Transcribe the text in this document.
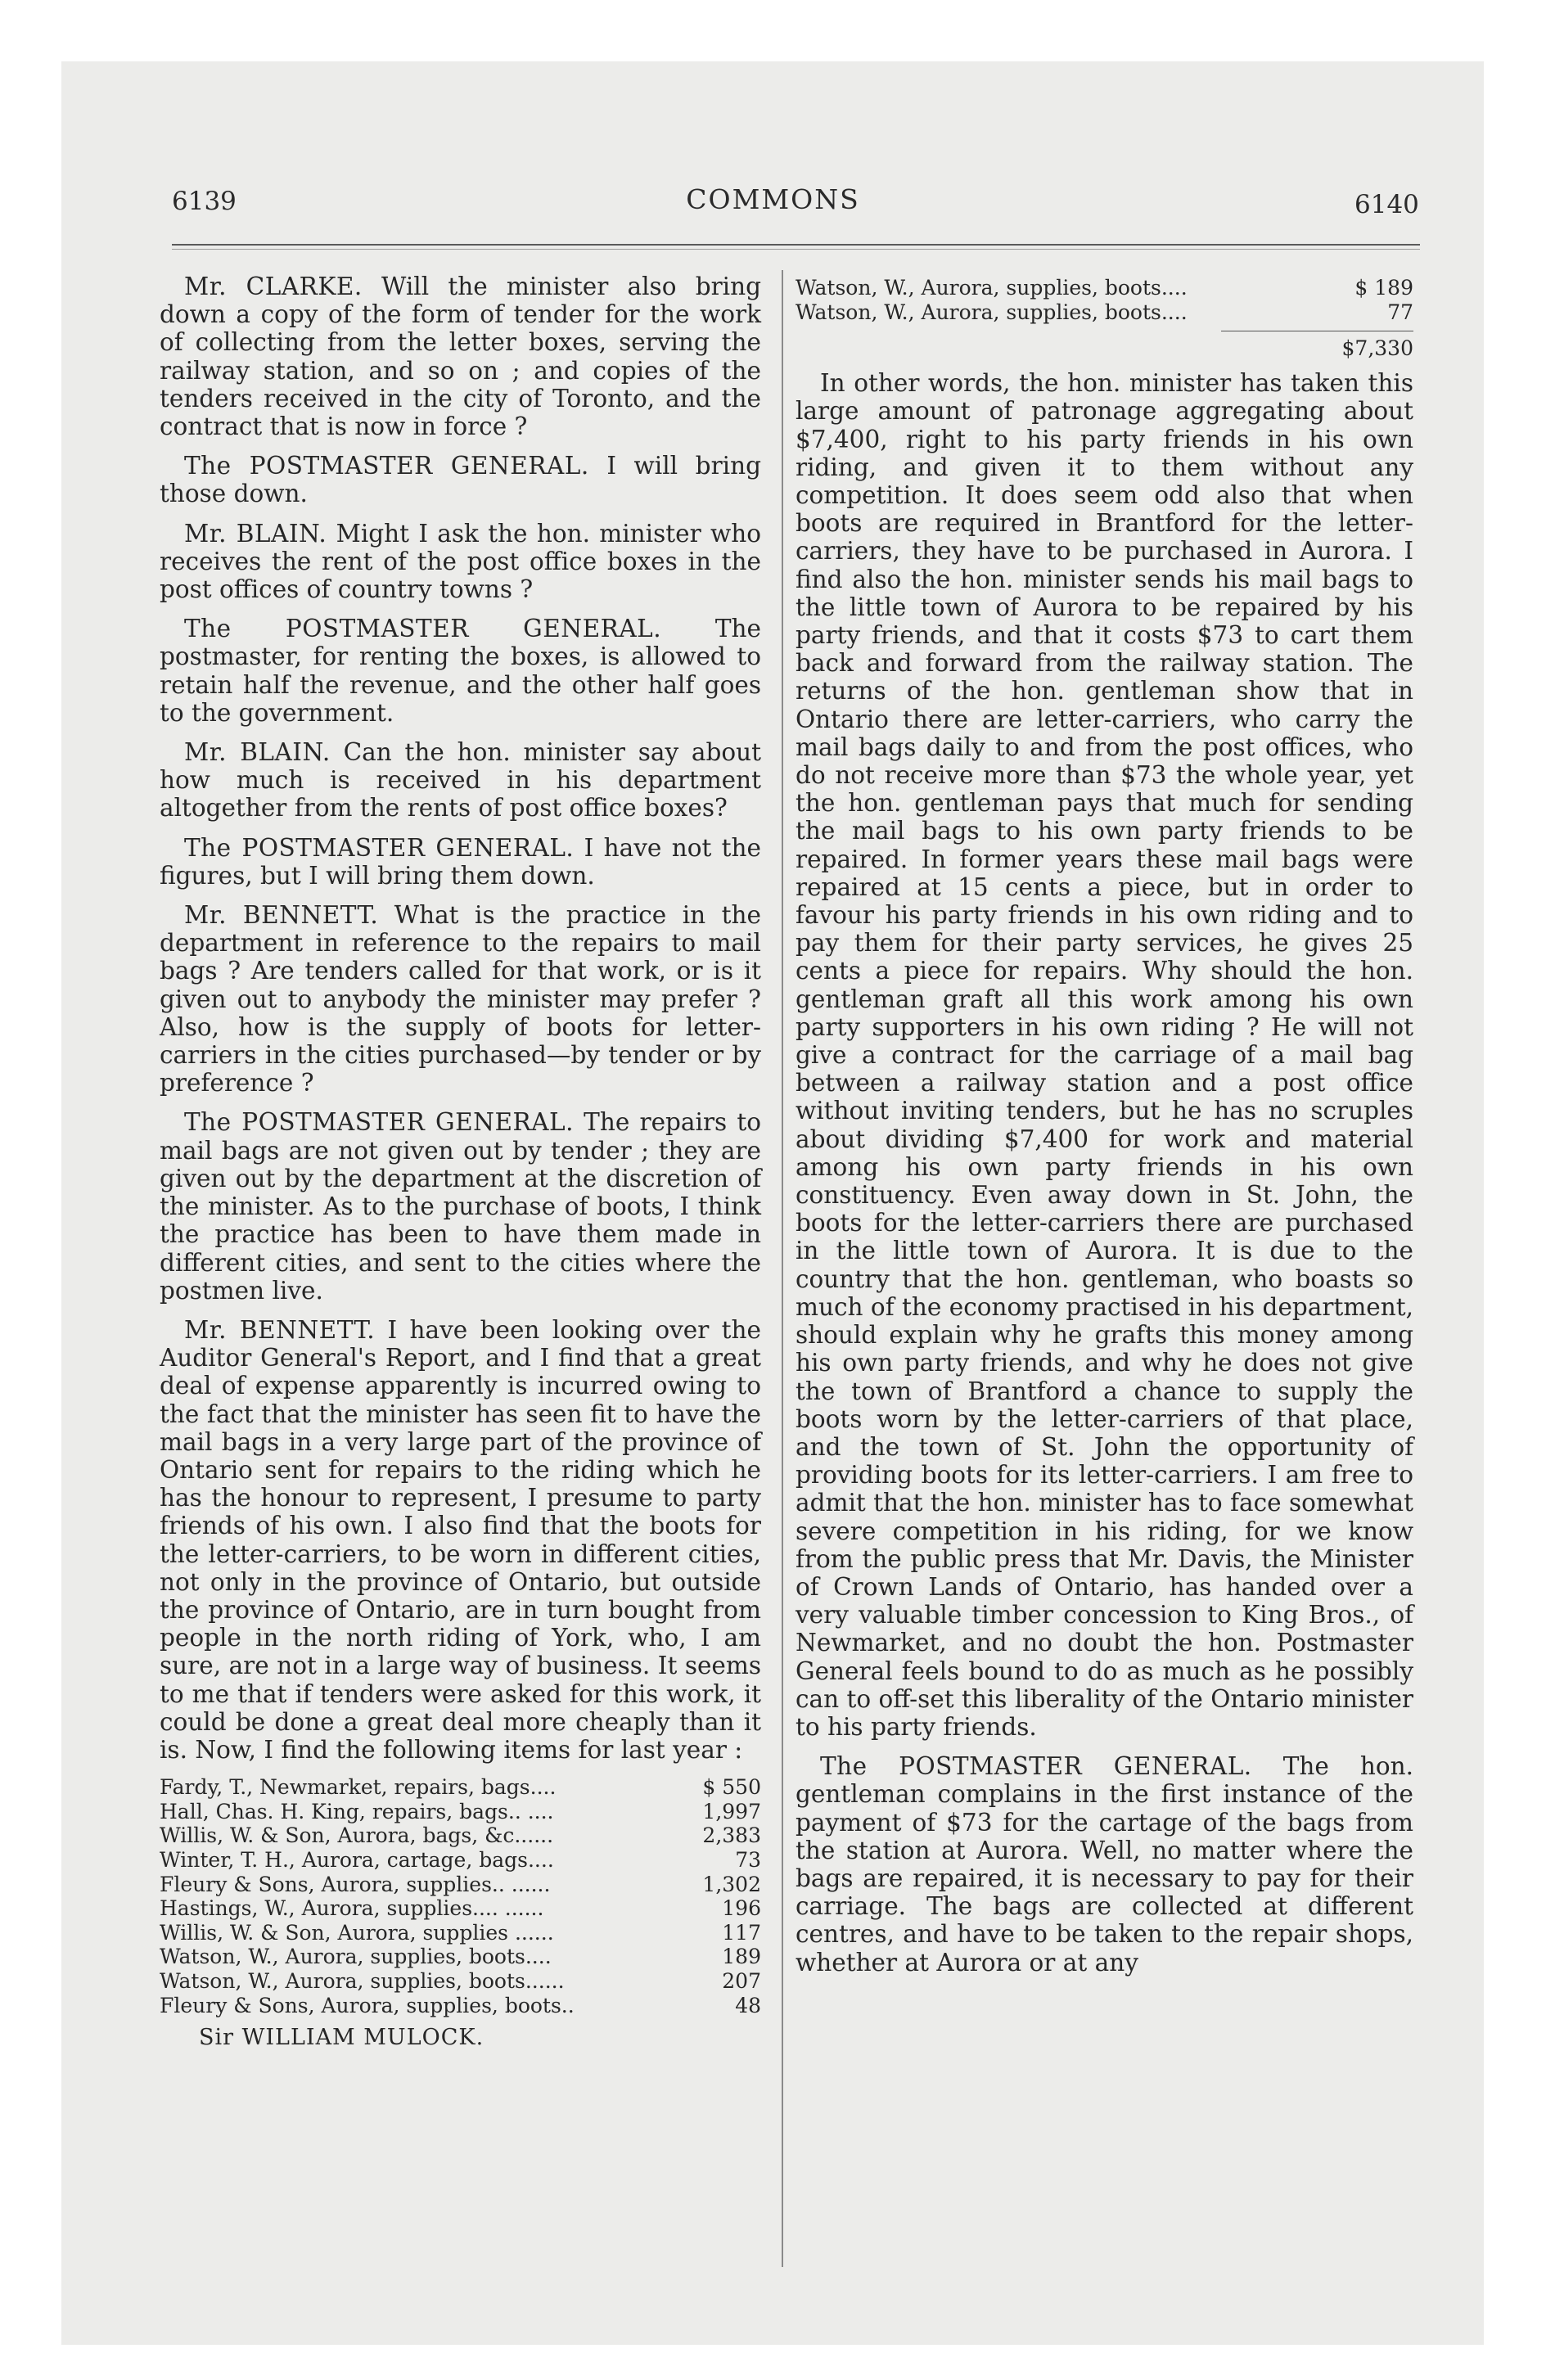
6139	COMMONS	6140

Mr. CLARKE. Will the minister also bring down a copy of the form of tender for the work of collecting from the letter boxes, serving the railway station, and so on ; and copies of the tenders received in the city of Toronto, and the contract that is now in force ?

The POSTMASTER GENERAL. I will bring those down.

Mr. BLAIN. Might I ask the hon. minister who receives the rent of the post office boxes in the post offices of country towns ?

The POSTMASTER GENERAL. The postmaster, for renting the boxes, is allowed to retain half the revenue, and the other half goes to the government.

Mr. BLAIN. Can the hon. minister say about how much is received in his department altogether from the rents of post office boxes?

The POSTMASTER GENERAL. I have not the figures, but I will bring them down.

Mr. BENNETT. What is the practice in the department in reference to the repairs to mail bags ? Are tenders called for that work, or is it given out to anybody the minister may prefer ? Also, how is the supply of boots for letter-carriers in the cities purchased—by tender or by preference ?

The POSTMASTER GENERAL. The repairs to mail bags are not given out by tender ; they are given out by the department at the discretion of the minister. As to the purchase of boots, I think the practice has been to have them made in different cities, and sent to the cities where the postmen live.

Mr. BENNETT. I have been looking over the Auditor General's Report, and I find that a great deal of expense apparently is incurred owing to the fact that the minister has seen fit to have the mail bags in a very large part of the province of Ontario sent for repairs to the riding which he has the honour to represent, I presume to party friends of his own. I also find that the boots for the letter-carriers, to be worn in different cities, not only in the province of Ontario, but outside the province of Ontario, are in turn bought from people in the north riding of York, who, I am sure, are not in a large way of business. It seems to me that if tenders were asked for this work, it could be done a great deal more cheaply than it is. Now, I find the following items for last year :

Fardy, T., Newmarket, repairs, bags....	$ 550
Hall, Chas. H. King, repairs, bags.. ....	1,997
Willis, W. & Son, Aurora, bags, &c......	2,383
Winter, T. H., Aurora, cartage, bags....	73
Fleury & Sons, Aurora, supplies.. ......	1,302
Hastings, W., Aurora, supplies.... ......	196
Willis, W. & Son, Aurora, supplies ......	117
Watson, W., Aurora, supplies, boots....	189
Watson, W., Aurora, supplies, boots......	207
Fleury & Sons, Aurora, supplies, boots..	48
Sir WILLIAM MULOCK.
Watson, W., Aurora, supplies, boots....	$ 189
Watson, W., Aurora, supplies, boots....	77
$7,330

In other words, the hon. minister has taken this large amount of patronage aggregating about $7,400, right to his party friends in his own riding, and given it to them without any competition. It does seem odd also that when boots are required in Brantford for the letter-carriers, they have to be purchased in Aurora. I find also the hon. minister sends his mail bags to the little town of Aurora to be repaired by his party friends, and that it costs $73 to cart them back and forward from the railway station. The returns of the hon. gentleman show that in Ontario there are letter-carriers, who carry the mail bags daily to and from the post offices, who do not receive more than $73 the whole year, yet the hon. gentleman pays that much for sending the mail bags to his own party friends to be repaired. In former years these mail bags were repaired at 15 cents a piece, but in order to favour his party friends in his own riding and to pay them for their party services, he gives 25 cents a piece for repairs. Why should the hon. gentleman graft all this work among his own party supporters in his own riding ? He will not give a contract for the carriage of a mail bag between a railway station and a post office without inviting tenders, but he has no scruples about dividing $7,400 for work and material among his own party friends in his own constituency. Even away down in St. John, the boots for the letter-carriers there are purchased in the little town of Aurora. It is due to the country that the hon. gentleman, who boasts so much of the economy practised in his department, should explain why he grafts this money among his own party friends, and why he does not give the town of Brantford a chance to supply the boots worn by the letter-carriers of that place, and the town of St. John the opportunity of providing boots for its letter-carriers. I am free to admit that the hon. minister has to face somewhat severe competition in his riding, for we know from the public press that Mr. Davis, the Minister of Crown Lands of Ontario, has handed over a very valuable timber concession to King Bros., of Newmarket, and no doubt the hon. Postmaster General feels bound to do as much as he possibly can to off-set this liberality of the Ontario minister to his party friends.

The POSTMASTER GENERAL. The hon. gentleman complains in the first instance of the payment of $73 for the cartage of the bags from the station at Aurora. Well, no matter where the bags are repaired, it is necessary to pay for their carriage. The bags are collected at different centres, and have to be taken to the repair shops, whether at Aurora or at any
